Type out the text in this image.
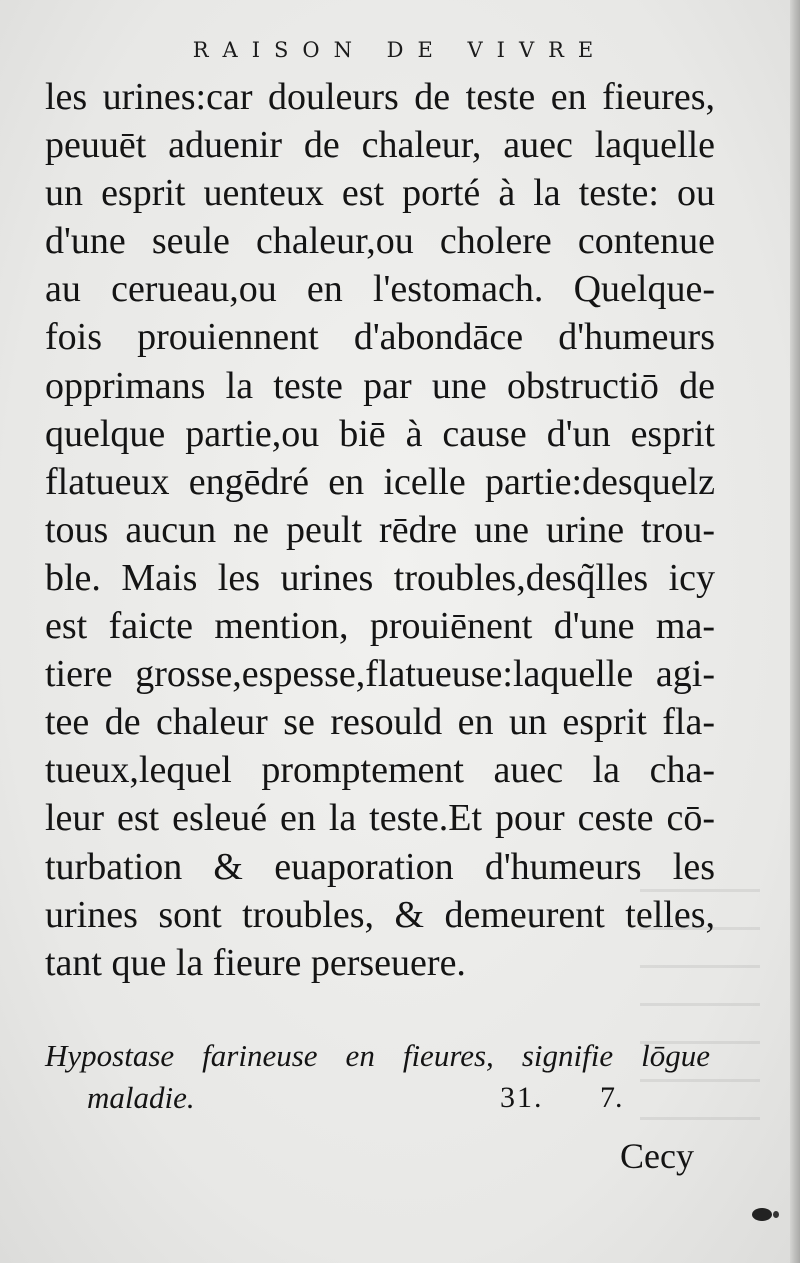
RAISON DE VIVRE
les urines:car douleurs de teste en fieures,
peuuēt aduenir de chaleur, auec laquelle
un esprit uenteux est porté à la teste: ou
d'une seule chaleur,ou cholere contenue
au cerueau,ou en l'estomach. Quelque-
fois prouiennent d'abondāce d'humeurs
opprimans la teste par une obstructiō de
quelque partie,ou biē à cause d'un esprit
flatueux engēdré en icelle partie:desquelz
tous aucun ne peult rēdre une urine trou-
ble. Mais les urines troubles,desq̃lles icy
est faicte mention, prouiēnent d'une ma-
tiere grosse,espesse,flatueuse:laquelle agi-
tee de chaleur se resould en un esprit fla-
tueux,lequel promptement auec la cha-
leur est esleué en la teste.Et pour ceste cō-
turbation & euaporation d'humeurs les
urines sont troubles, & demeurent telles,
tant que la fieure perseuere.
Hypostase farineuse en fieures, signifie lōgue
maladie.	31. 7.
Cecy
